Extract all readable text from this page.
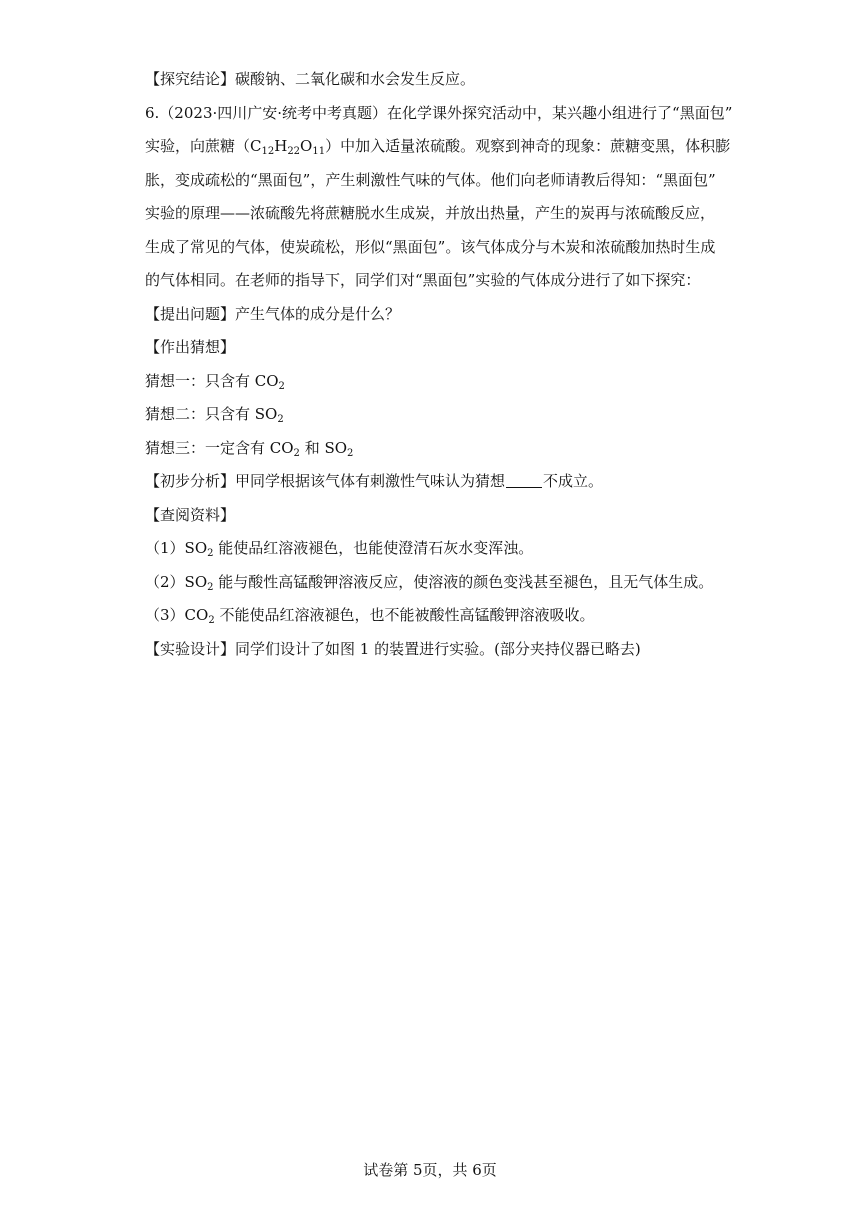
【探究结论】碳酸钠、二氧化碳和水会发生反应。
6.（2023·四川广安·统考中考真题）在化学课外探究活动中，某兴趣小组进行了“黑面包”
实验，向蔗糖$(C_{12}H_{22}O_{11})$中加入适量浓硫酸。观察到神奇的现象：蔗糖变黑，体积膨
胀，变成疏松的“黑面包”，产生刺激性气味的气体。他们向老师请教后得知：“黑面包”
实验的原理——浓硫酸先将蔗糖脱水生成炭，并放出热量，产生的炭再与浓硫酸反应，
生成了常见的气体，使炭疏松，形似“黑面包”。该气体成分与木炭和浓硫酸加热时生成
的气体相同。在老师的指导下，同学们对“黑面包”实验的气体成分进行了如下探究：
【提出问题】产生气体的成分是什么？
【作出猜想】
猜想一：只含有 $CO_2$
猜想二：只含有 $SO_2$
猜想三：一定含有 $CO_2$ 和 $SO_2$
【初步分析】甲同学根据该气体有刺激性气味认为猜想	不成立。
【查阅资料】
$(1)SO_2$ 能使品红溶液褪色，也能使澄清石灰水变浑浊。
$(2)SO_2$ 能与酸性高锰酸钾溶液反应，使溶液的颜色变浅甚至褪色，且无气体生成。
$(3)CO_2$ 不能使品红溶液褪色，也不能被酸性高锰酸钾溶液吸收。
【实验设计】同学们设计了如图 1 的装置进行实验。(部分夹持仪器已略去)
试卷第 5页，共 6页
